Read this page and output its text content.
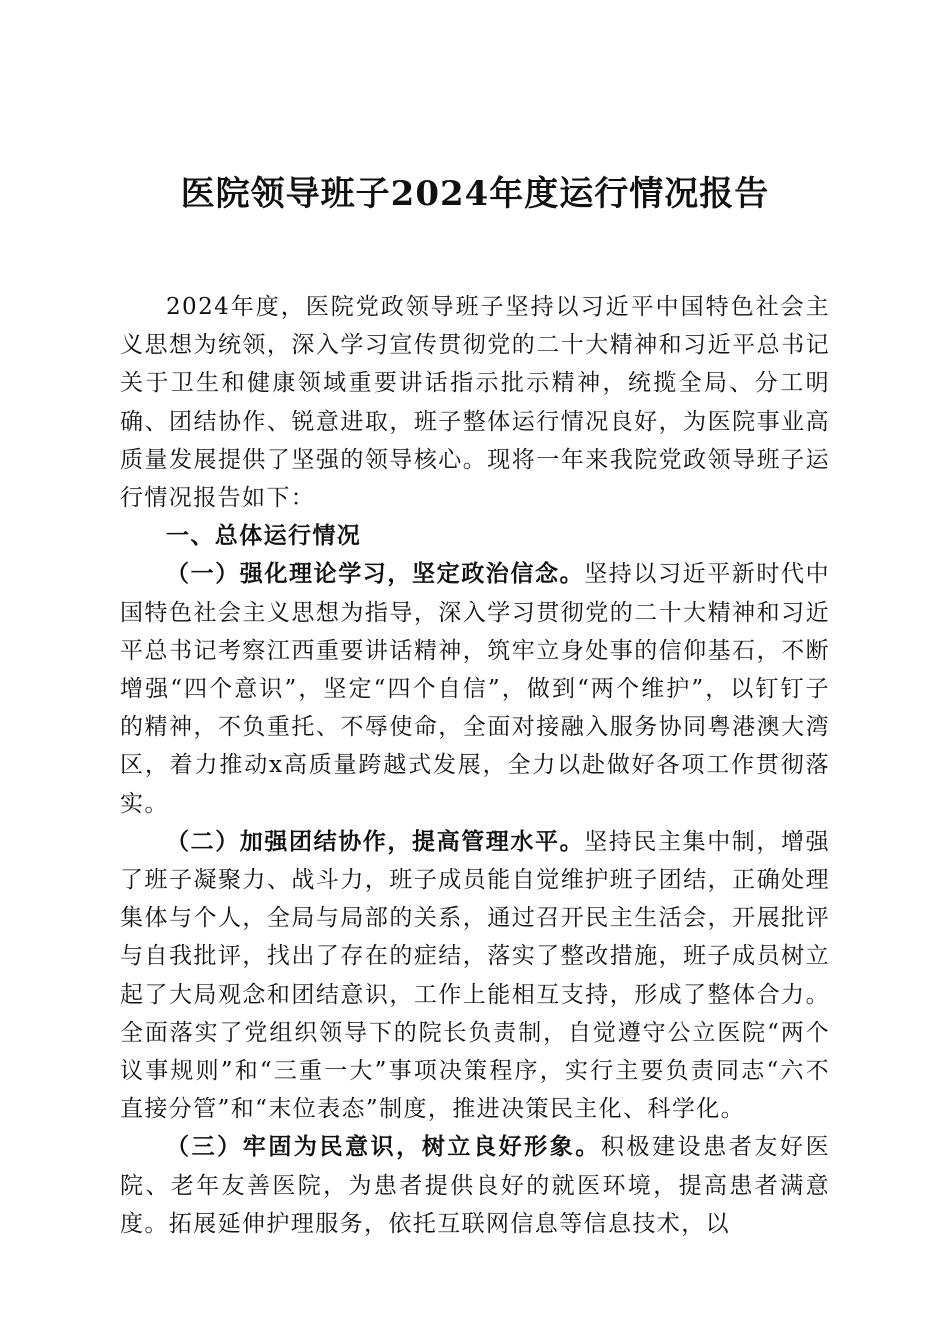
医院领导班子2024年度运行情况报告

2024年度，医院党政领导班子坚持以习近平中国特色社会主义思想为统领，深入学习宣传贯彻党的二十大精神和习近平总书记关于卫生和健康领域重要讲话指示批示精神，统揽全局、分工明确、团结协作、锐意进取，班子整体运行情况良好，为医院事业高质量发展提供了坚强的领导核心。现将一年来我院党政领导班子运行情况报告如下：

一、总体运行情况

（一）强化理论学习，坚定政治信念。坚持以习近平新时代中国特色社会主义思想为指导，深入学习贯彻党的二十大精神和习近平总书记考察江西重要讲话精神，筑牢立身处事的信仰基石，不断增强“四个意识”，坚定“四个自信”，做到“两个维护”，以钉钉子的精神，不负重托、不辱使命，全面对接融入服务协同粤港澳大湾区，着力推动x高质量跨越式发展，全力以赴做好各项工作贯彻落实。

（二）加强团结协作，提高管理水平。坚持民主集中制，增强了班子凝聚力、战斗力，班子成员能自觉维护班子团结，正确处理集体与个人，全局与局部的关系，通过召开民主生活会，开展批评与自我批评，找出了存在的症结，落实了整改措施，班子成员树立起了大局观念和团结意识，工作上能相互支持，形成了整体合力。全面落实了党组织领导下的院长负责制，自觉遵守公立医院“两个议事规则”和“三重一大”事项决策程序，实行主要负责同志“六不直接分管”和“末位表态”制度，推进决策民主化、科学化。

（三）牢固为民意识，树立良好形象。积极建设患者友好医院、老年友善医院，为患者提供良好的就医环境，提高患者满意度。拓展延伸护理服务，依托互联网信息等信息技术，以
